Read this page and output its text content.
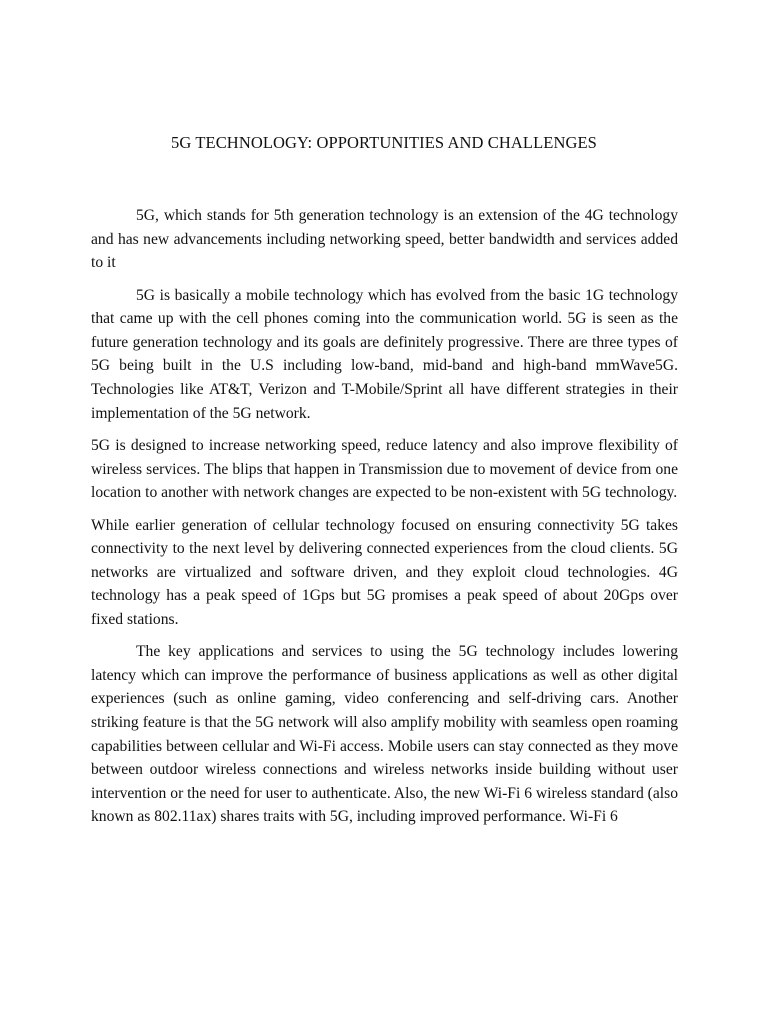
5G TECHNOLOGY: OPPORTUNITIES AND CHALLENGES

5G, which stands for 5th generation technology is an extension of the 4G technology and has new advancements including networking speed, better bandwidth and services added to it

5G is basically a mobile technology which has evolved from the basic 1G technology that came up with the cell phones coming into the communication world. 5G is seen as the future generation technology and its goals are definitely progressive. There are three types of 5G being built in the U.S including low-band, mid-band and high-band mmWave5G. Technologies like AT&T, Verizon and T-Mobile/Sprint all have different strategies in their implementation of the 5G network.

5G is designed to increase networking speed, reduce latency and also improve flexibility of wireless services. The blips that happen in Transmission due to movement of device from one location to another with network changes are expected to be non-existent with 5G technology.

While earlier generation of cellular technology focused on ensuring connectivity 5G takes connectivity to the next level by delivering connected experiences from the cloud clients. 5G networks are virtualized and software driven, and they exploit cloud technologies. 4G technology has a peak speed of 1Gps but 5G promises a peak speed of about 20Gps over fixed stations.

The key applications and services to using the 5G technology includes lowering latency which can improve the performance of business applications as well as other digital experiences (such as online gaming, video conferencing and self-driving cars. Another striking feature is that the 5G network will also amplify mobility with seamless open roaming capabilities between cellular and Wi-Fi access. Mobile users can stay connected as they move between outdoor wireless connections and wireless networks inside building without user intervention or the need for user to authenticate. Also, the new Wi-Fi 6 wireless standard (also known as 802.11ax) shares traits with 5G, including improved performance. Wi-Fi 6
